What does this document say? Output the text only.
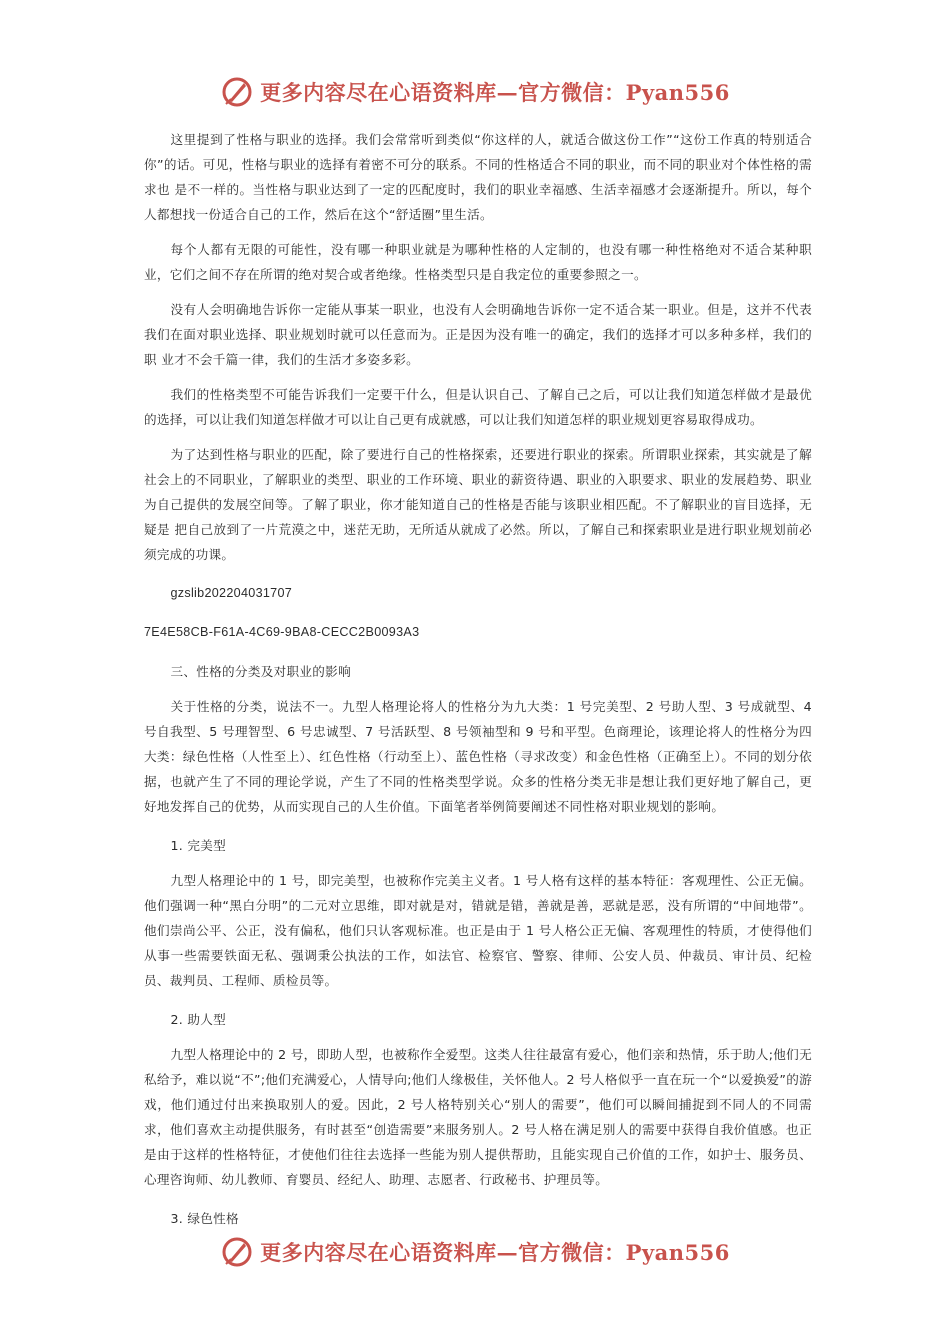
更多内容尽在心语资料库—官方微信：Pyan556

这里提到了性格与职业的选择。我们会常常听到类似“你这样的人，就适合做这份工作”“这份工作真的特别适合你”的话。可见，性格与职业的选择有着密不可分的联系。不同的性格适合不同的职业，而不同的职业对个体性格的需求也 是不一样的。当性格与职业达到了一定的匹配度时，我们的职业幸福感、生活幸福感才会逐渐提升。所以，每个人都想找一份适合自己的工作，然后在这个“舒适圈”里生活。

每个人都有无限的可能性，没有哪一种职业就是为哪种性格的人定制的，也没有哪一种性格绝对不适合某种职业，它们之间不存在所谓的绝对契合或者绝缘。性格类型只是自我定位的重要参照之一。

没有人会明确地告诉你一定能从事某一职业，也没有人会明确地告诉你一定不适合某一职业。但是，这并不代表我们在面对职业选择、职业规划时就可以任意而为。正是因为没有唯一的确定，我们的选择才可以多种多样，我们的职 业才不会千篇一律，我们的生活才多姿多彩。

我们的性格类型不可能告诉我们一定要干什么，但是认识自己、了解自己之后，可以让我们知道怎样做才是最优的选择，可以让我们知道怎样做才可以让自己更有成就感，可以让我们知道怎样的职业规划更容易取得成功。

为了达到性格与职业的匹配，除了要进行自己的性格探索，还要进行职业的探索。所谓职业探索，其实就是了解社会上的不同职业，了解职业的类型、职业的工作环境、职业的薪资待遇、职业的入职要求、职业的发展趋势、职业为自己提供的发展空间等。了解了职业，你才能知道自己的性格是否能与该职业相匹配。不了解职业的盲目选择，无疑是 把自己放到了一片荒漠之中，迷茫无助，无所适从就成了必然。所以，了解自己和探索职业是进行职业规划前必须完成的功课。

gzslib202204031707

7E4E58CB-F61A-4C69-9BA8-CECC2B0093A3

三、性格的分类及对职业的影响

关于性格的分类，说法不一。九型人格理论将人的性格分为九大类：1 号完美型、2 号助人型、3 号成就型、4 号自我型、5 号理智型、6 号忠诚型、7 号活跃型、8 号领袖型和 9 号和平型。色商理论，该理论将人的性格分为四大类：绿色性格（人性至上）、红色性格（行动至上）、蓝色性格（寻求改变）和金色性格（正确至上）。不同的划分依据，也就产生了不同的理论学说，产生了不同的性格类型学说。众多的性格分类无非是想让我们更好地了解自己，更好地发挥自己的优势，从而实现自己的人生价值。下面笔者举例简要阐述不同性格对职业规划的影响。

1. 完美型

九型人格理论中的 1 号，即完美型，也被称作完美主义者。1 号人格有这样的基本特征：客观理性、公正无偏。他们强调一种“黑白分明”的二元对立思维，即对就是对，错就是错，善就是善，恶就是恶，没有所谓的“中间地带”。他们崇尚公平、公正，没有偏私，他们只认客观标准。也正是由于 1 号人格公正无偏、客观理性的特质，才使得他们从事一些需要铁面无私、强调秉公执法的工作，如法官、检察官、警察、律师、公安人员、仲裁员、审计员、纪检员、裁判员、工程师、质检员等。

2. 助人型

九型人格理论中的 2 号，即助人型，也被称作全爱型。这类人往往最富有爱心，他们亲和热情，乐于助人;他们无私给予，难以说“不”;他们充满爱心，人情导向;他们人缘极佳，关怀他人。2 号人格似乎一直在玩一个“以爱换爱”的游戏，他们通过付出来换取别人的爱。因此，2 号人格特别关心“别人的需要”，他们可以瞬间捕捉到不同人的不同需求，他们喜欢主动提供服务，有时甚至“创造需要”来服务别人。2 号人格在满足别人的需要中获得自我价值感。也正是由于这样的性格特征，才使他们往往去选择一些能为别人提供帮助，且能实现自己价值的工作，如护士、服务员、心理咨询师、幼儿教师、育婴员、经纪人、助理、志愿者、行政秘书、护理员等。

3. 绿色性格

更多内容尽在心语资料库—官方微信：Pyan556
